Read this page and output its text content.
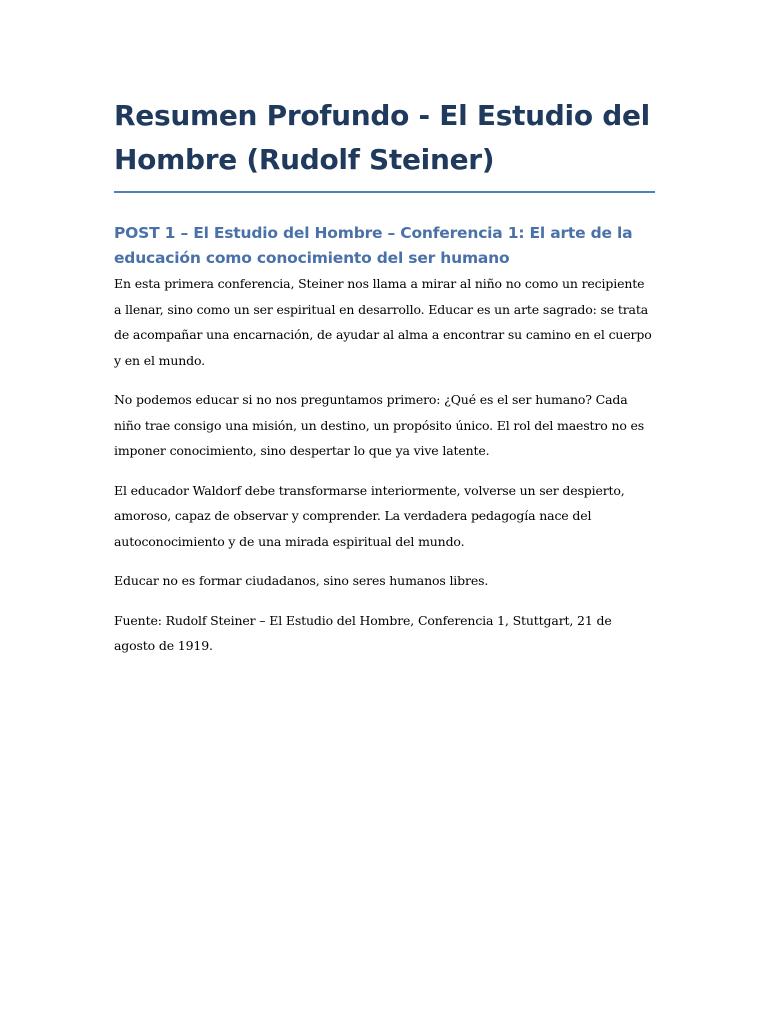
Resumen Profundo - El Estudio del Hombre (Rudolf Steiner)
POST 1 – El Estudio del Hombre – Conferencia 1: El arte de la educación como conocimiento del ser humano

En esta primera conferencia, Steiner nos llama a mirar al niño no como un recipiente a llenar, sino como un ser espiritual en desarrollo. Educar es un arte sagrado: se trata de acompañar una encarnación, de ayudar al alma a encontrar su camino en el cuerpo y en el mundo.

No podemos educar si no nos preguntamos primero: ¿Qué es el ser humano? Cada niño trae consigo una misión, un destino, un propósito único. El rol del maestro no es imponer conocimiento, sino despertar lo que ya vive latente.

El educador Waldorf debe transformarse interiormente, volverse un ser despierto, amoroso, capaz de observar y comprender. La verdadera pedagogía nace del autoconocimiento y de una mirada espiritual del mundo.

Educar no es formar ciudadanos, sino seres humanos libres.

Fuente: Rudolf Steiner – El Estudio del Hombre, Conferencia 1, Stuttgart, 21 de agosto de 1919.
